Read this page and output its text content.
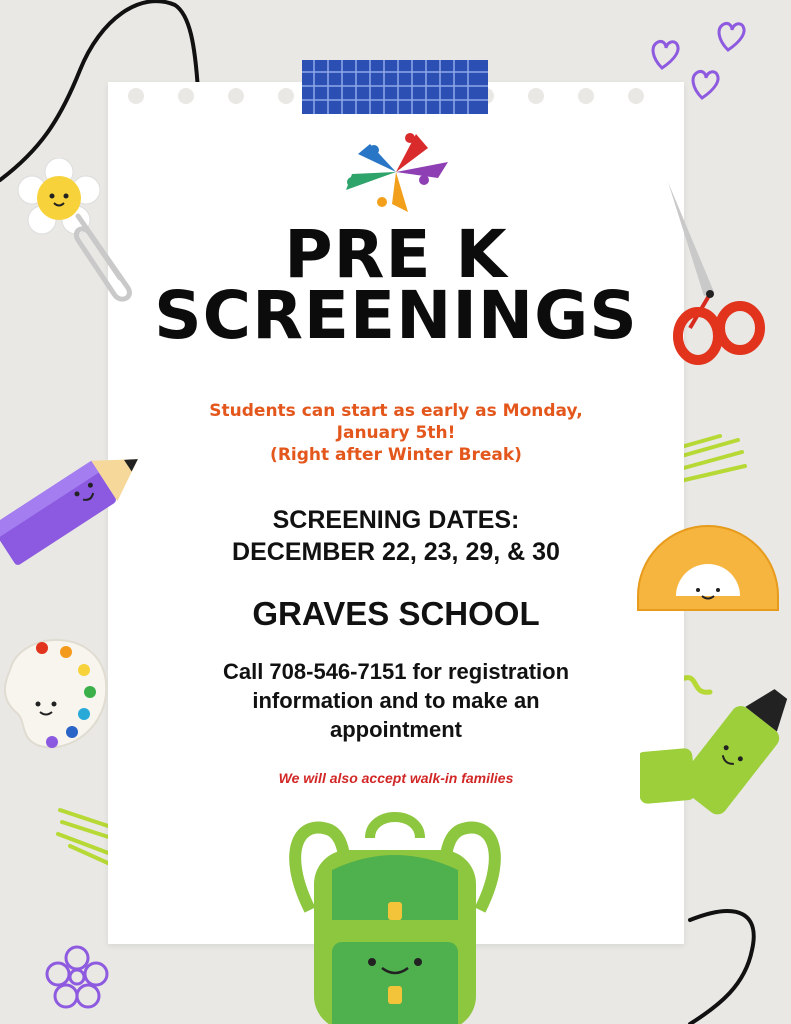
PRE K
SCREENINGS
Students can start as early as Monday,
January 5th!
(Right after Winter Break)
SCREENING DATES:
DECEMBER 22, 23, 29, & 30
GRAVES SCHOOL
Call 708-546-7151 for registration
information and to make an
appointment
We will also accept walk-in families
